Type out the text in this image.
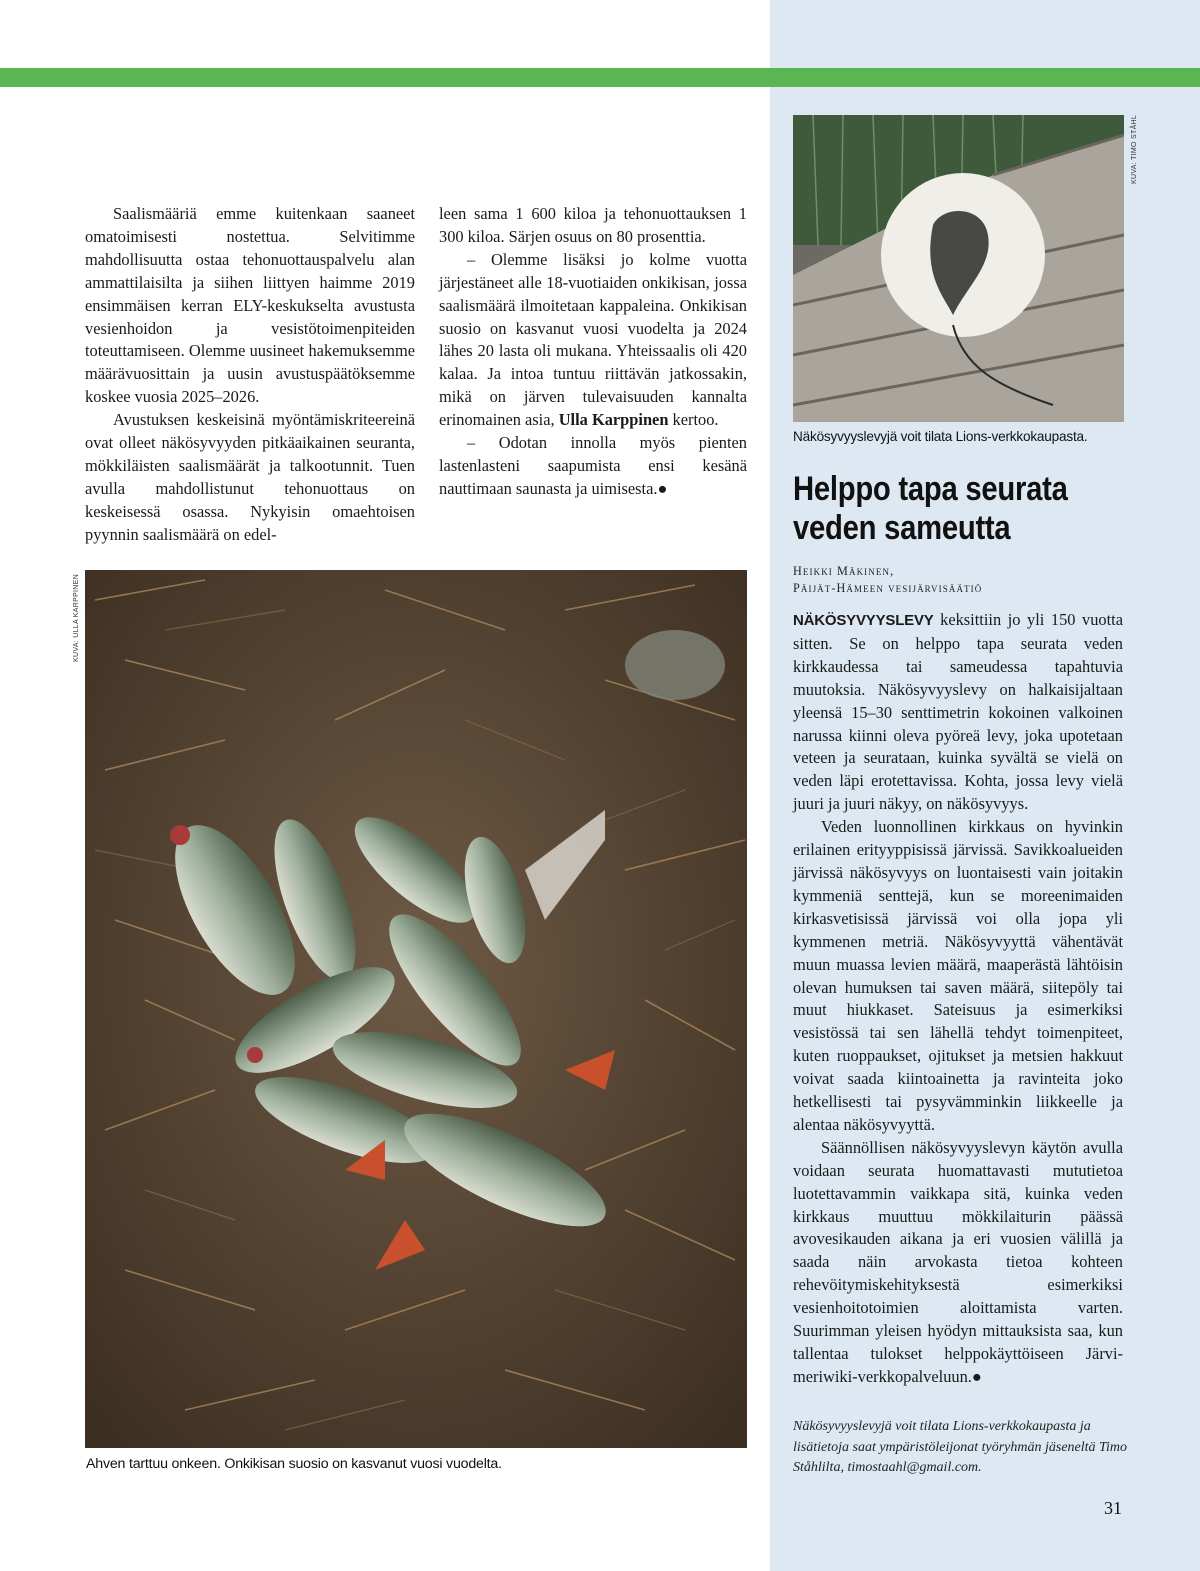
Saalismääriä emme kuitenkaan saaneet omatoimisesti nostettua. Selvitimme mahdollisuutta ostaa tehonuottauspalvelu alan ammattilaisilta ja siihen liittyen haimme 2019 ensimmäisen kerran ELY-keskukselta avustusta vesienhoidon ja vesistötoimenpiteiden toteuttamiseen. Olemme uusineet hakemuksemme määrävuosittain ja uusin avustuspäätöksemme koskee vuosia 2025–2026.

Avustuksen keskeisinä myöntämiskriteereinä ovat olleet näkösyvyyden pitkäaikainen seuranta, mökkiläisten saalismäärät ja talkootunnit. Tuen avulla mahdollistunut tehonuottaus on keskeisessä osassa. Nykyisin omaehtoisen pyynnin saalismäärä on edel-

leen sama 1 600 kiloa ja tehonuottauksen 1 300 kiloa. Särjen osuus on 80 prosenttia.

– Olemme lisäksi jo kolme vuotta järjestäneet alle 18-vuotiaiden onkikisan, jossa saalismäärä ilmoitetaan kappaleina. Onkikisan suosio on kasvanut vuosi vuodelta ja 2024 lähes 20 lasta oli mukana. Yhteissaalis oli 420 kalaa. Ja intoa tuntuu riittävän jatkossakin, mikä on järven tulevaisuuden kannalta erinomainen asia, Ulla Karppinen kertoo.

– Odotan innolla myös pienten lastenlasteni saapumista ensi kesänä nauttimaan saunasta ja uimisesta.●

KUVA: ULLA KARPPINEN
Ahven tarttuu onkeen. Onkikisan suosio on kasvanut vuosi vuodelta.
KUVA: TIMO STÅHL
Näkösyvyyslevyjä voit tilata Lions-verkkokaupasta.
Helppo tapa seurata veden sameutta
Heikki Mäkinen,
Päijät-Hämeen vesijärvisäätiö

NÄKÖSYVYYSLEVY keksittiin jo yli 150 vuotta sitten. Se on helppo tapa seurata veden kirkkaudessa tai sameudessa tapahtuvia muutoksia. Näkösyvyyslevy on halkaisijaltaan yleensä 15–30 senttimetrin kokoinen valkoinen narussa kiinni oleva pyöreä levy, joka upotetaan veteen ja seurataan, kuinka syvältä se vielä on veden läpi erotettavissa. Kohta, jossa levy vielä juuri ja juuri näkyy, on näkösyvyys.

Veden luonnollinen kirkkaus on hyvinkin erilainen erityyppisissä järvissä. Savikkoalueiden järvissä näkösyvyys on luontaisesti vain joitakin kymmeniä senttejä, kun se moreenimaiden kirkasvetisissä järvissä voi olla jopa yli kymmenen metriä. Näkösyvyyttä vähentävät muun muassa levien määrä, maaperästä lähtöisin olevan humuksen tai saven määrä, siitepöly tai muut hiukkaset. Sateisuus ja esimerkiksi vesistössä tai sen lähellä tehdyt toimenpiteet, kuten ruoppaukset, ojitukset ja metsien hakkuut voivat saada kiintoainetta ja ravinteita joko hetkellisesti tai pysyvämminkin liikkeelle ja alentaa näkösyvyyttä.

Säännöllisen näkösyvyyslevyn käytön avulla voidaan seurata huomattavasti mututietoa luotettavammin vaikkapa sitä, kuinka veden kirkkaus muuttuu mökkilaiturin päässä avovesikauden aikana ja eri vuosien välillä ja saada näin arvokasta tietoa kohteen rehevöitymiskehityksestä esimerkiksi vesienhoitotoimien aloittamista varten. Suurimman yleisen hyödyn mittauksista saa, kun tallentaa tulokset helppokäyttöiseen Järvi-meriwiki-verkkopalveluun.●

Näkösyvyyslevyjä voit tilata Lions-verkkokaupasta ja lisätietoja saat ympäristöleijonat työryhmän jäseneltä Timo Ståhlilta, timostaahl@gmail.com.
31
